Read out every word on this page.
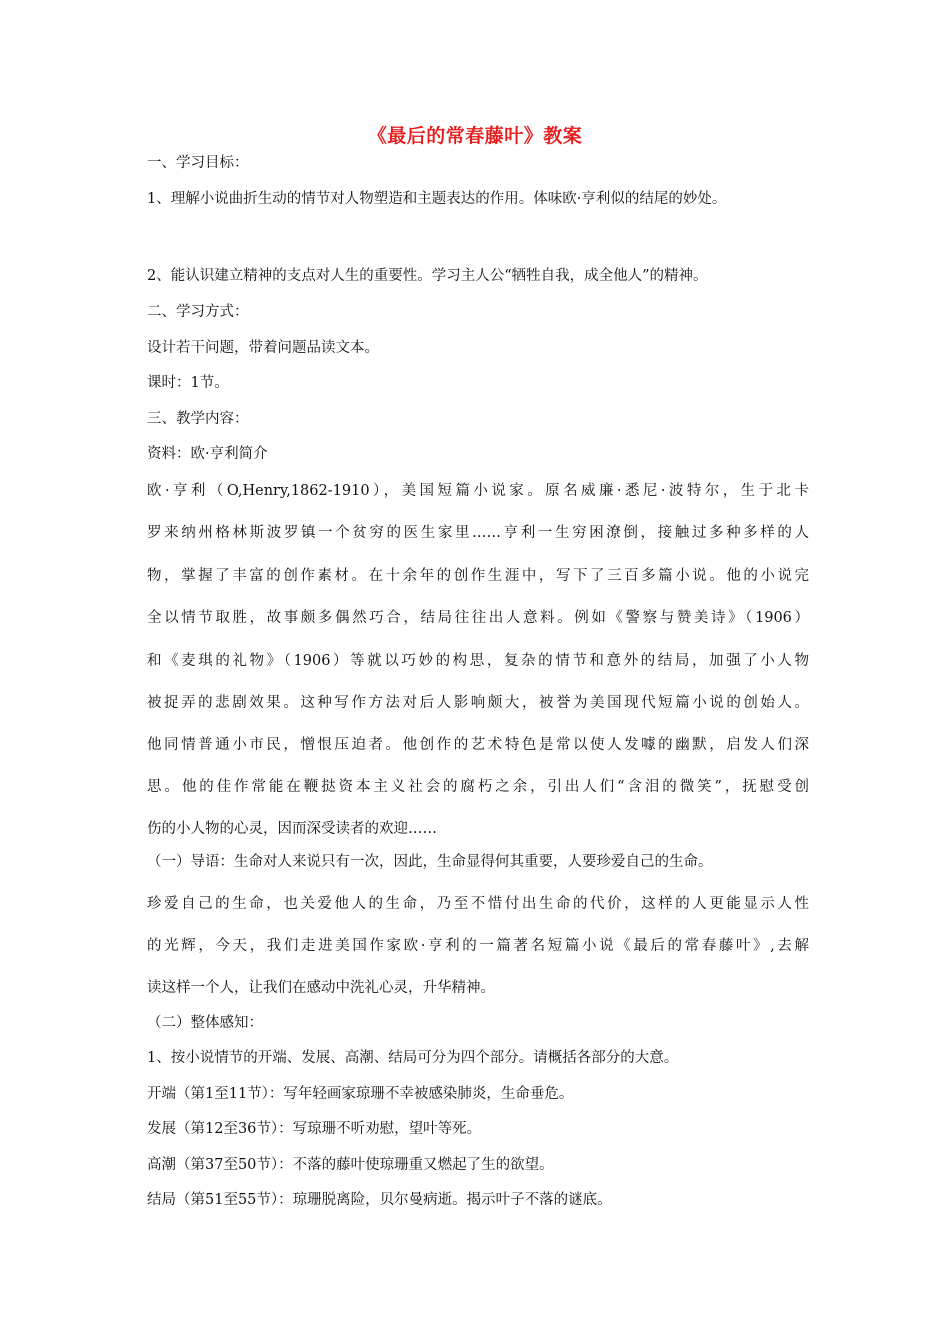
《最后的常春藤叶》教案
一、学习目标：
1、理解小说曲折生动的情节对人物塑造和主题表达的作用。体味欧·亨利似的结尾的妙处。
2、能认识建立精神的支点对人生的重要性。学习主人公“牺牲自我，成全他人”的精神。
二、学习方式：
设计若干问题，带着问题品读文本。
课时：1节。
三、教学内容：
资料：欧·亨利简介
欧·亨利（O,Henry,1862-1910），美国短篇小说家。原名威廉·悉尼·波特尔，生于北卡
罗来纳州格林斯波罗镇一个贫穷的医生家里……亨利一生穷困潦倒，接触过多种多样的人
物，掌握了丰富的创作素材。在十余年的创作生涯中，写下了三百多篇小说。他的小说完
全以情节取胜，故事颇多偶然巧合，结局往往出人意料。例如《警察与赞美诗》（1906）
和《麦琪的礼物》（1906）等就以巧妙的构思，复杂的情节和意外的结局，加强了小人物
被捉弄的悲剧效果。这种写作方法对后人影响颇大，被誉为美国现代短篇小说的创始人。
他同情普通小市民，憎恨压迫者。他创作的艺术特色是常以使人发噱的幽默，启发人们深
思。他的佳作常能在鞭挞资本主义社会的腐朽之余，引出人们“含泪的微笑”，抚慰受创
伤的小人物的心灵，因而深受读者的欢迎……
（一）导语：生命对人来说只有一次，因此，生命显得何其重要，人要珍爱自己的生命。
珍爱自己的生命，也关爱他人的生命，乃至不惜付出生命的代价，这样的人更能显示人性
的光辉，今天，我们走进美国作家欧·亨利的一篇著名短篇小说《最后的常春藤叶》,去解
读这样一个人，让我们在感动中洗礼心灵，升华精神。
（二）整体感知：
1、按小说情节的开端、发展、高潮、结局可分为四个部分。请概括各部分的大意。
开端（第1至11节）：写年轻画家琼珊不幸被感染肺炎，生命垂危。
发展（第12至36节）：写琼珊不听劝慰，望叶等死。
高潮（第37至50节）：不落的藤叶使琼珊重又燃起了生的欲望。
结局（第51至55节）：琼珊脱离险，贝尔曼病逝。揭示叶子不落的谜底。
